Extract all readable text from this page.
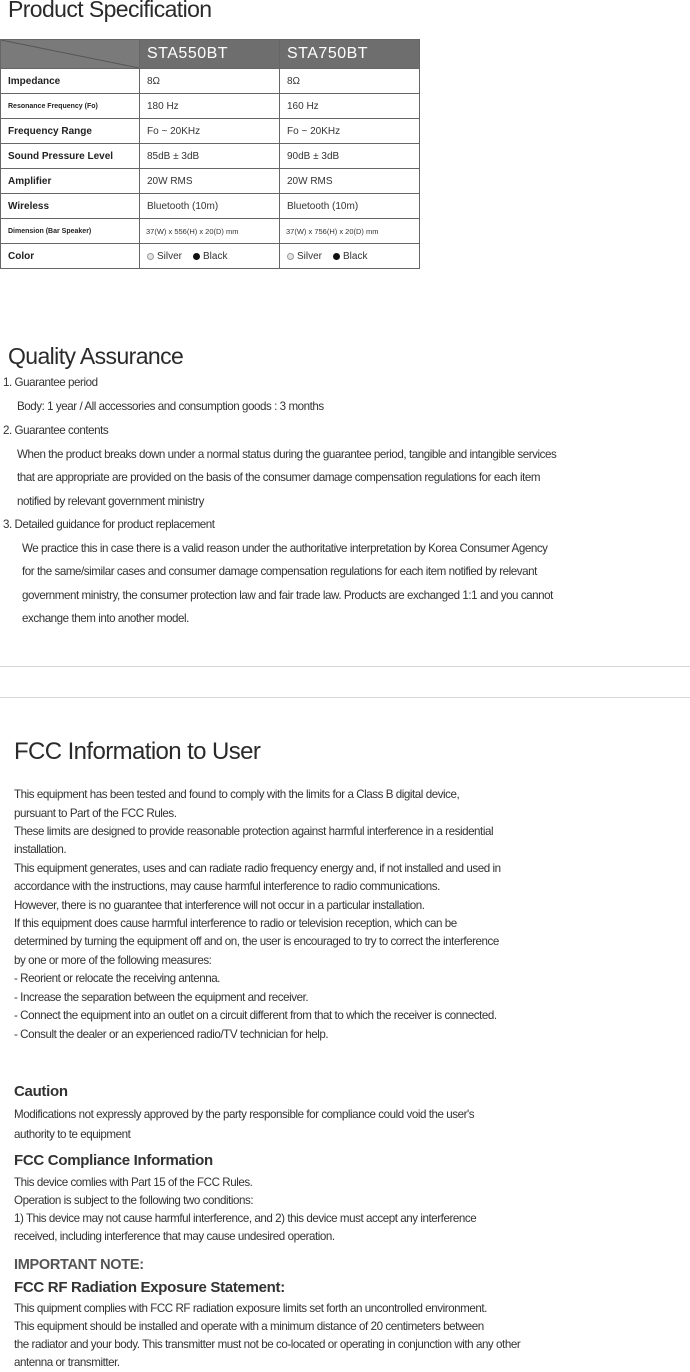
Product Specification
	STA550BT	STA750BT
Impedance	8Ω	8Ω
Resonance Frequency (Fo)	180 Hz	160 Hz
Frequency Range	Fo ~ 20KHz	Fo ~ 20KHz
Sound Pressure Level	85dB ± 3dB	90dB ± 3dB
Amplifier	20W RMS	20W RMS
Wireless	Bluetooth (10m)	Bluetooth (10m)
Dimension (Bar Speaker)	37(W) x 556(H) x 20(D) mm	37(W) x 756(H) x 20(D) mm
Color	Silver Black	Silver Black
Quality Assurance
1. Guarantee period
Body: 1 year / All accessories and consumption goods : 3 months
2. Guarantee contents
When the product breaks down under a normal status during the guarantee period, tangible and intangible services
that are appropriate are provided on the basis of the consumer damage compensation regulations for each item
notified by relevant government ministry
3. Detailed guidance for product replacement
We practice this in case there is a valid reason under the authoritative interpretation by Korea Consumer Agency
for the same/similar cases and consumer damage compensation regulations for each item notified by relevant
government ministry, the consumer protection law and fair trade law. Products are exchanged 1:1 and you cannot
exchange them into another model.
FCC Information to User
This equipment has been tested and found to comply with the limits for a Class B digital device,
pursuant to Part of the FCC Rules.
These limits are designed to provide reasonable protection against harmful interference in a residential
installation.
This equipment generates, uses and can radiate radio frequency energy and, if not installed and used in
accordance with the instructions, may cause harmful interference to radio communications.
However, there is no guarantee that interference will not occur in a particular installation.
If this equipment does cause harmful interference to radio or television reception, which can be
determined by turning the equipment off and on, the user is encouraged to try to correct the interference
by one or more of the following measures:
- Reorient or relocate the receiving antenna.
- Increase the separation between the equipment and receiver.
- Connect the equipment into an outlet on a circuit different from that to which the receiver is connected.
- Consult the dealer or an experienced radio/TV technician for help.
Caution
Modifications not expressly approved by the party responsible for compliance could void the user's
authority to te equipment
FCC Compliance Information
This device comlies with Part 15 of the FCC Rules.
Operation is subject to the following two conditions:
1) This device may not cause harmful interference, and 2) this device must accept any interference
received, including interference that may cause undesired operation.
IMPORTANT NOTE:
FCC RF Radiation Exposure Statement:
This quipment complies with FCC RF radiation exposure limits set forth an uncontrolled environment.
This equipment should be installed and operate with a minimum distance of 20 centimeters between
the radiator and your body. This transmitter must not be co-located or operating in conjunction with any other
antenna or transmitter.
